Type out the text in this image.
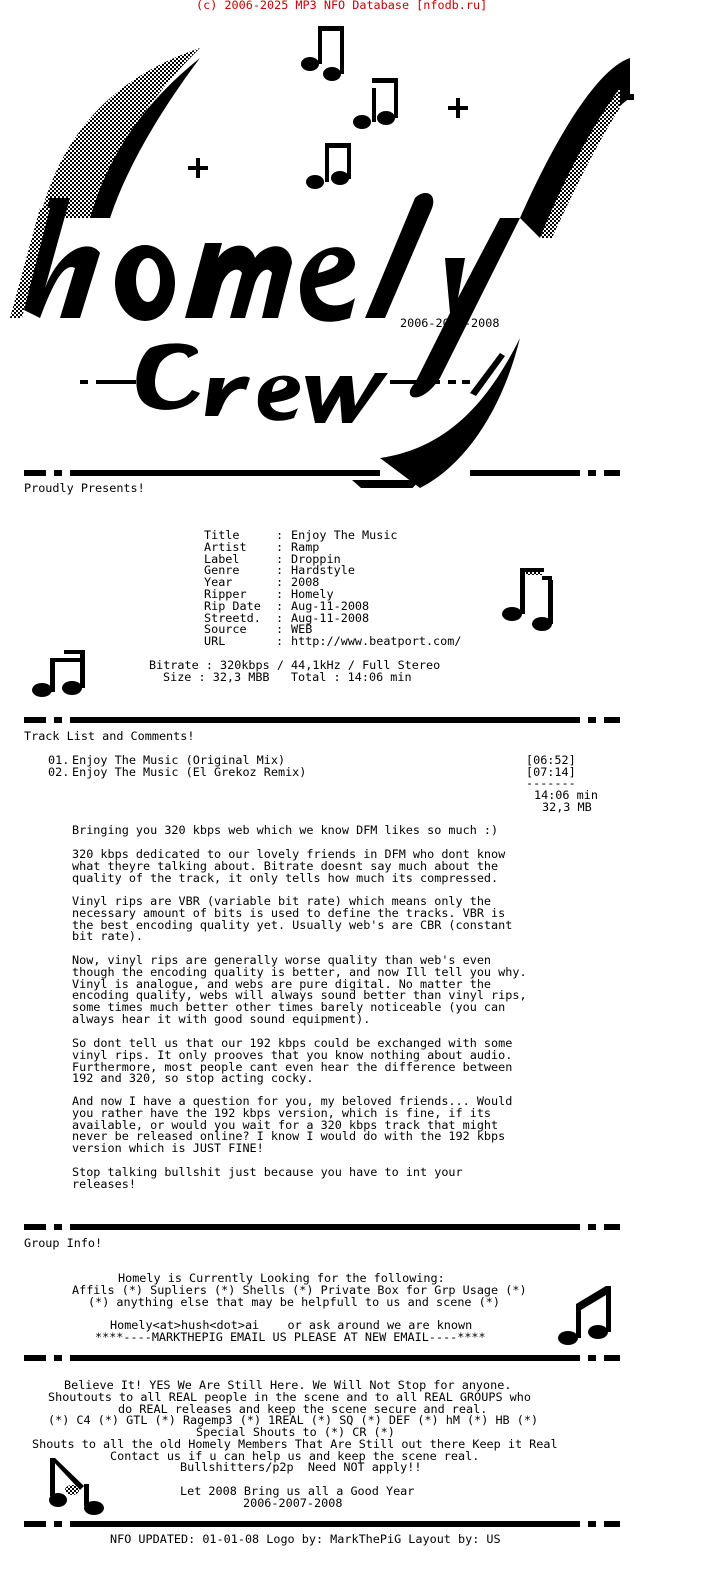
(c) 2006-2025 MP3 NFO Database [nfodb.ru]
2006-2007-2008
Proudly Presents!
Title	: Enjoy The Music
Artist : Ramp
Label	: Droppin
Genre	: Hardstyle
Year	: 2008
Ripper : Homely
Rip Date : Aug-11-2008
Streetd. : Aug-11-2008
Source : WEB
URL	: http://www.beatport.com/
Bitrate : 320kbps / 44,1kHz / Full Stereo
Size : 32,3 MBB   Total : 14:06 min
Track List and Comments!
01. Enjoy The Music (Original Mix)	[06:52]
02. Enjoy The Music (El Grekoz Remix)	[07:14]
-------
14:06 min
32,3 MB
Bringing you 320 kbps web which we know DFM likes so much :)
320 kbps dedicated to our lovely friends in DFM who dont know
what theyre talking about. Bitrate doesnt say much about the
quality of the track, it only tells how much its compressed.
Vinyl rips are VBR (variable bit rate) which means only the
necessary amount of bits is used to define the tracks. VBR is
the best encoding quality yet. Usually web's are CBR (constant
bit rate).
Now, vinyl rips are generally worse quality than web's even
though the encoding quality is better, and now Ill tell you why.
Vinyl is analogue, and webs are pure digital. No matter the
encoding quality, webs will always sound better than vinyl rips,
some times much better other times barely noticeable (you can
always hear it with good sound equipment).
So dont tell us that our 192 kbps could be exchanged with some
vinyl rips. It only prooves that you know nothing about audio.
Furthermore, most people cant even hear the difference between
192 and 320, so stop acting cocky.
And now I have a question for you, my beloved friends... Would
you rather have the 192 kbps version, which is fine, if its
available, or would you wait for a 320 kbps track that might
never be released online? I know I would do with the 192 kbps
version which is JUST FINE!
Stop talking bullshit just because you have to int your
releases!
Group Info!
Homely is Currently Looking for the following:
Affils (*) Supliers (*) Shells (*) Private Box for Grp Usage (*)
(*) anything else that may be helpfull to us and scene (*)
Homely<at>hush<dot>ai    or ask around we are known
****----MARKTHEPIG EMAIL US PLEASE AT NEW EMAIL----****
Believe It! YES We Are Still Here. We Will Not Stop for anyone.
Shoutouts to all REAL people in the scene and to all REAL GROUPS who
do REAL releases and keep the scene secure and real.
(*) C4 (*) GTL (*) Ragemp3 (*) 1REAL (*) SQ (*) DEF (*) hM (*) HB (*)
Special Shouts to (*) CR (*)
Shouts to all the old Homely Members That Are Still out there Keep it Real
Contact us if u can help us and keep the scene real.
Bullshitters/p2p  Need NOT apply!!
Let 2008 Bring us all a Good Year
2006-2007-2008
NFO UPDATED: 01-01-08 Logo by: MarkThePiG Layout by: US
